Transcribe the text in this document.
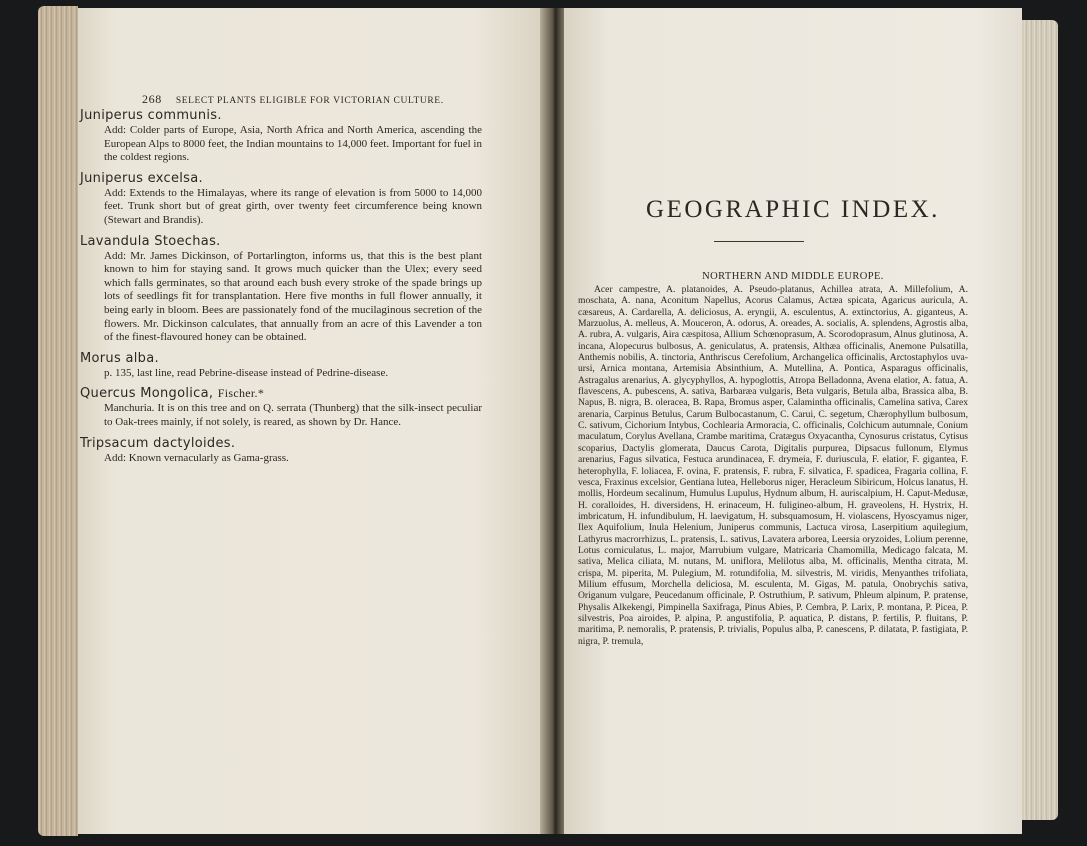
268 SELECT PLANTS ELIGIBLE FOR VICTORIAN CULTURE.

Juniperus communis.

Add: Colder parts of Europe, Asia, North Africa and North America, ascending the European Alps to 8000 feet, the Indian mountains to 14,000 feet. Important for fuel in the coldest regions.

Juniperus excelsa.

Add: Extends to the Himalayas, where its range of elevation is from 5000 to 14,000 feet. Trunk short but of great girth, over twenty feet circumference being known (Stewart and Brandis).

Lavandula Stoechas.

Add: Mr. James Dickinson, of Portarlington, informs us, that this is the best plant known to him for staying sand. It grows much quicker than the Ulex; every seed which falls germinates, so that around each bush every stroke of the spade brings up lots of seedlings fit for transplantation. Here five months in full flower annually, it being early in bloom. Bees are passionately fond of the mucilaginous secretion of the flowers. Mr. Dickinson calculates, that annually from an acre of this Lavender a ton of the finest-flavoured honey can be obtained.

Morus alba.

p. 135, last line, read Pebrine-disease instead of Pedrine-disease.

Quercus Mongolica, Fischer.*

Manchuria. It is on this tree and on Q. serrata (Thunberg) that the silk-insect peculiar to Oak-trees mainly, if not solely, is reared, as shown by Dr. Hance.

Tripsacum dactyloides.

Add: Known vernacularly as Gama-grass.

GEOGRAPHIC INDEX.
NORTHERN AND MIDDLE EUROPE.
Acer campestre, A. platanoides, A. Pseudo-platanus, Achillea atrata, A. Millefolium, A. moschata, A. nana, Aconitum Napellus, Acorus Calamus, Actæa spicata, Agaricus auricula, A. cæsareus, A. Cardarella, A. deliciosus, A. eryngii, A. esculentus, A. extinctorius, A. giganteus, A. Marzuolus, A. melleus, A. Mouceron, A. odorus, A. oreades, A. socialis, A. splendens, Agrostis alba, A. rubra, A. vulgaris, Aira cæspitosa, Allium Schœnoprasum, A. Scorodoprasum, Alnus glutinosa, A. incana, Alopecurus bulbosus, A. geniculatus, A. pratensis, Althæa officinalis, Anemone Pulsatilla, Anthemis nobilis, A. tinctoria, Anthriscus Cerefolium, Archangelica officinalis, Arctostaphylos uva-ursi, Arnica montana, Artemisia Absinthium, A. Mutellina, A. Pontica, Asparagus officinalis, Astragalus arenarius, A. glycyphyllos, A. hypoglottis, Atropa Belladonna, Avena elatior, A. fatua, A. flavescens, A. pubescens, A. sativa, Barbaræa vulgaris, Beta vulgaris, Betula alba, Brassica alba, B. Napus, B. nigra, B. oleracea, B. Rapa, Bromus asper, Calamintha officinalis, Camelina sativa, Carex arenaria, Carpinus Betulus, Carum Bulbocastanum, C. Carui, C. segetum, Chærophyllum bulbosum, C. sativum, Cichorium Intybus, Cochlearia Armoracia, C. officinalis, Colchicum autumnale, Conium maculatum, Corylus Avellana, Crambe maritima, Cratægus Oxyacantha, Cynosurus cristatus, Cytisus scoparius, Dactylis glomerata, Daucus Carota, Digitalis purpurea, Dipsacus fullonum, Elymus arenarius, Fagus silvatica, Festuca arundinacea, F. drymeia, F. duriuscula, F. elatior, F. gigantea, F. heterophylla, F. loliacea, F. ovina, F. pratensis, F. rubra, F. silvatica, F. spadicea, Fragaria collina, F. vesca, Fraxinus excelsior, Gentiana lutea, Helleborus niger, Heracleum Sibiricum, Holcus lanatus, H. mollis, Hordeum secalinum, Humulus Lupulus, Hydnum album, H. auriscalpium, H. Caput-Medusæ, H. coralloides, H. diversidens, H. erinaceum, H. fuligineo-album, H. graveolens, H. Hystrix, H. imbricatum, H. infundibulum, H. laevigatum, H. subsquamosum, H. violascens, Hyoscyamus niger, Ilex Aquifolium, Inula Helenium, Juniperus communis, Lactuca virosa, Laserpitium aquilegium, Lathyrus macrorrhizus, L. pratensis, L. sativus, Lavatera arborea, Leersia oryzoides, Lolium perenne, Lotus corniculatus, L. major, Marrubium vulgare, Matricaria Chamomilla, Medicago falcata, M. sativa, Melica ciliata, M. nutans, M. uniflora, Melilotus alba, M. officinalis, Mentha citrata, M. crispa, M. piperita, M. Pulegium, M. rotundifolia, M. silvestris, M. viridis, Menyanthes trifoliata, Milium effusum, Morchella deliciosa, M. esculenta, M. Gigas, M. patula, Onobrychis sativa, Origanum vulgare, Peucedanum officinale, P. Ostruthium, P. sativum, Phleum alpinum, P. pratense, Physalis Alkekengi, Pimpinella Saxifraga, Pinus Abies, P. Cembra, P. Larix, P. montana, P. Picea, P. silvestris, Poa airoides, P. alpina, P. angustifolia, P. aquatica, P. distans, P. fertilis, P. fluitans, P. maritima, P. nemoralis, P. pratensis, P. trivialis, Populus alba, P. canescens, P. dilatata, P. fastigiata, P. nigra, P. tremula,
